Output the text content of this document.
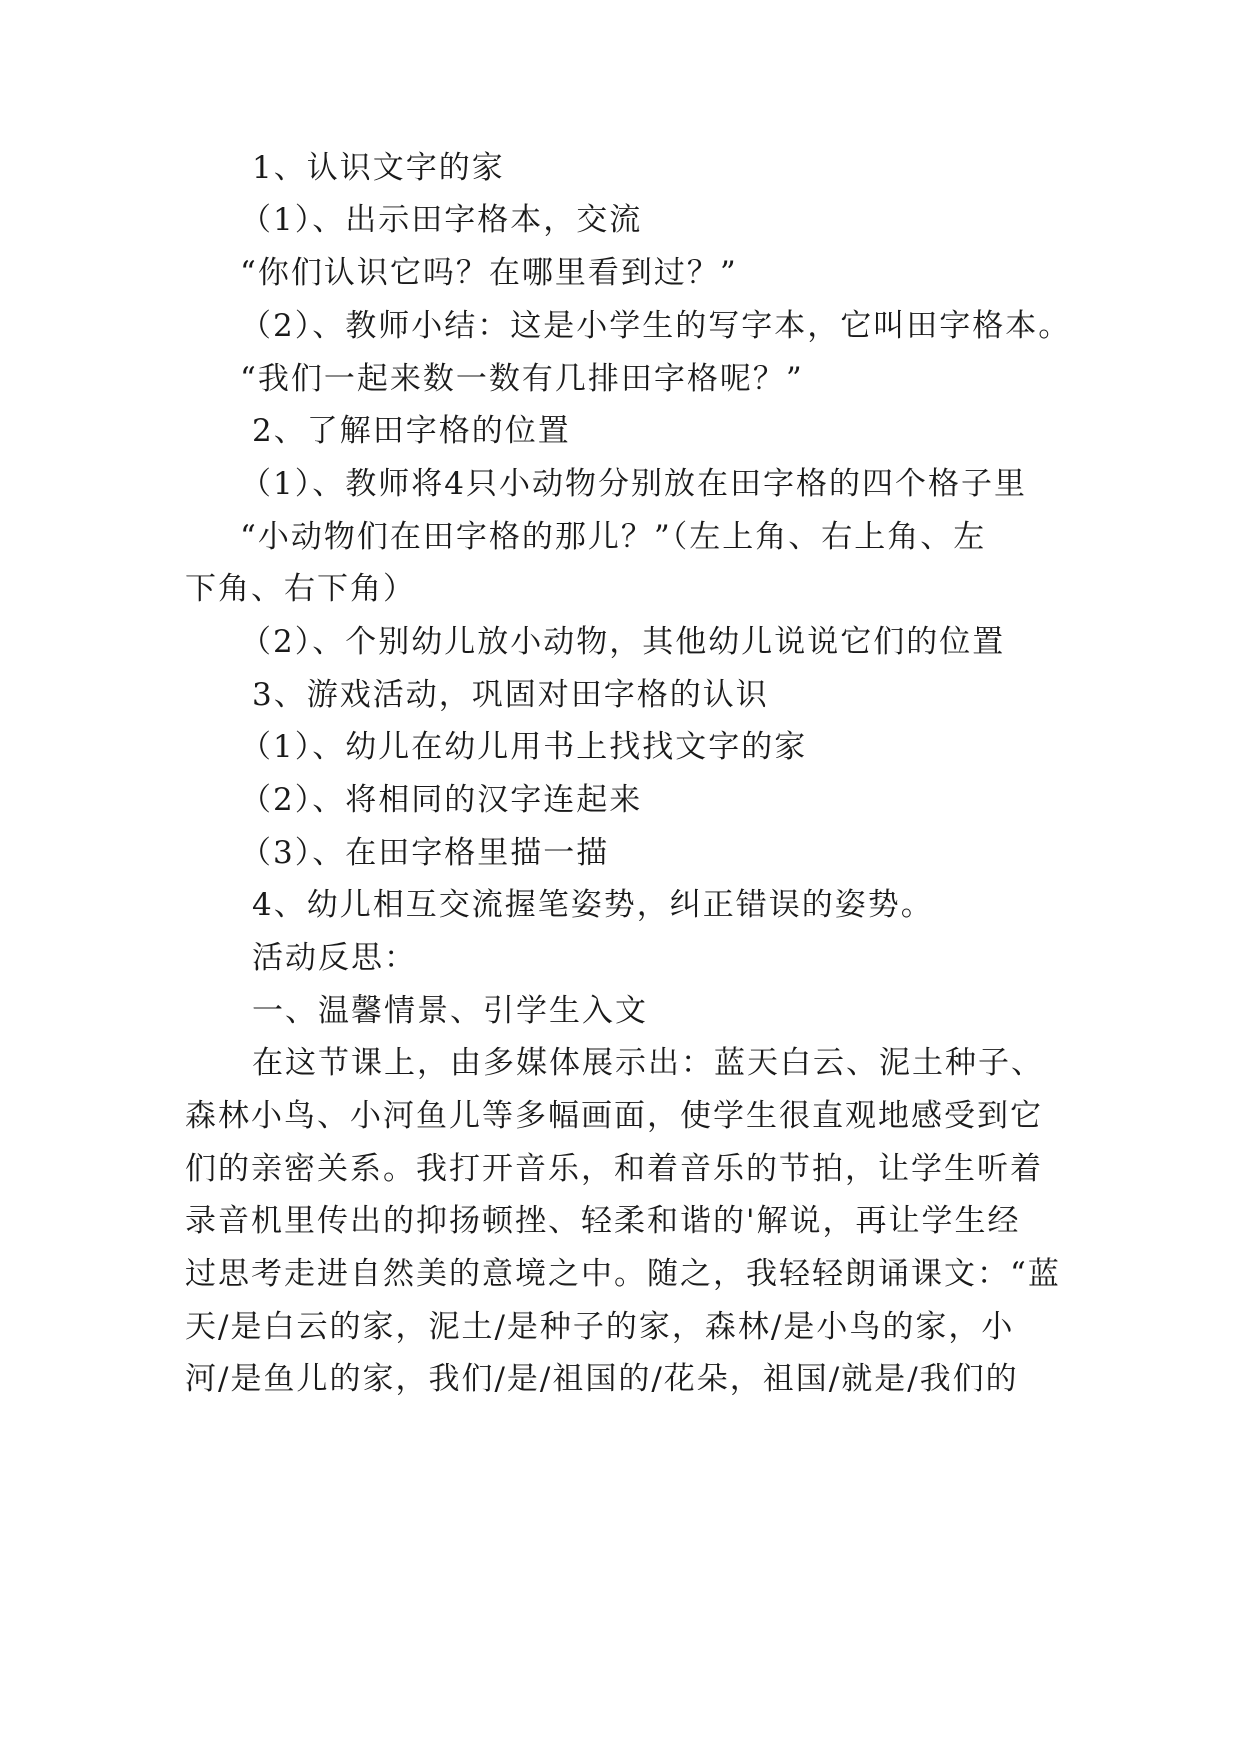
1、认识文字的家
（1）、出示田字格本，交流
“你们认识它吗？在哪里看到过？”
（2）、教师小结：这是小学生的写字本，它叫田字格本。
“我们一起来数一数有几排田字格呢？”
2、了解田字格的位置
（1）、教师将4只小动物分别放在田字格的四个格子里
“小动物们在田字格的那儿？”（左上角、右上角、左
下角、右下角）
（2）、个别幼儿放小动物，其他幼儿说说它们的位置
3、游戏活动，巩固对田字格的认识
（1）、幼儿在幼儿用书上找找文字的家
（2）、将相同的汉字连起来
（3）、在田字格里描一描
4、幼儿相互交流握笔姿势，纠正错误的姿势。
活动反思：
一、温馨情景、引学生入文
在这节课上，由多媒体展示出：蓝天白云、泥土种子、
森林小鸟、小河鱼儿等多幅画面，使学生很直观地感受到它
们的亲密关系。我打开音乐，和着音乐的节拍，让学生听着
录音机里传出的抑扬顿挫、轻柔和谐的'解说，再让学生经
过思考走进自然美的意境之中。随之，我轻轻朗诵课文：“蓝
天/是白云的家，泥土/是种子的家，森林/是小鸟的家，小
河/是鱼儿的家，我们/是/祖国的/花朵，祖国/就是/我们的
